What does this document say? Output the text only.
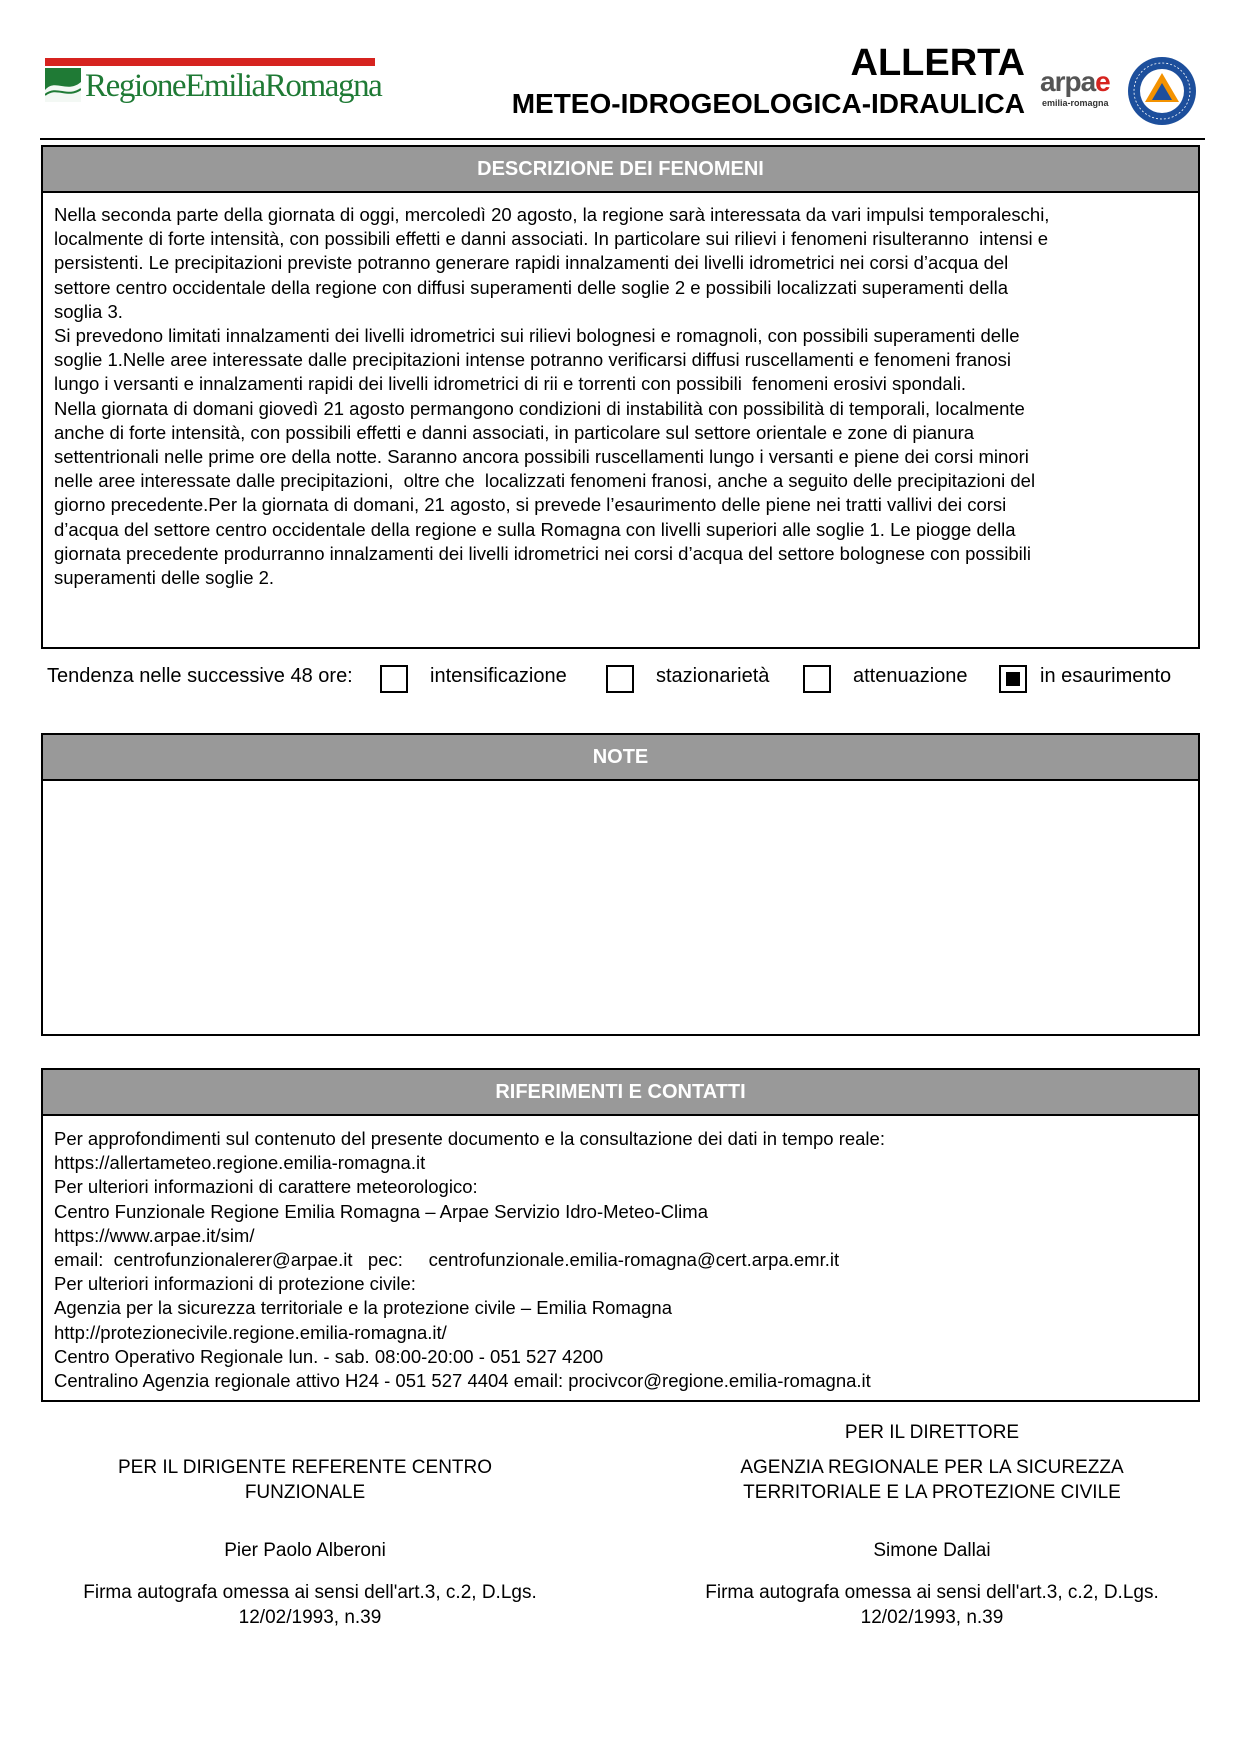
RegioneEmiliaRomagna
ALLERTA
METEO-IDROGEOLOGICA-IDRAULICA
arpae
emilia-romagna
DESCRIZIONE DEI FENOMENI
Nella seconda parte della giornata di oggi, mercoledì 20 agosto, la regione sarà interessata da vari impulsi temporaleschi,
localmente di forte intensità, con possibili effetti e danni associati. In particolare sui rilievi i fenomeni risulteranno  intensi e
persistenti. Le precipitazioni previste potranno generare rapidi innalzamenti dei livelli idrometrici nei corsi d’acqua del
settore centro occidentale della regione con diffusi superamenti delle soglie 2 e possibili localizzati superamenti della
soglia 3.
Si prevedono limitati innalzamenti dei livelli idrometrici sui rilievi bolognesi e romagnoli, con possibili superamenti delle
soglie 1.Nelle aree interessate dalle precipitazioni intense potranno verificarsi diffusi ruscellamenti e fenomeni franosi
lungo i versanti e innalzamenti rapidi dei livelli idrometrici di rii e torrenti con possibili  fenomeni erosivi spondali.
Nella giornata di domani giovedì 21 agosto permangono condizioni di instabilità con possibilità di temporali, localmente
anche di forte intensità, con possibili effetti e danni associati, in particolare sul settore orientale e zone di pianura
settentrionali nelle prime ore della notte. Saranno ancora possibili ruscellamenti lungo i versanti e piene dei corsi minori
nelle aree interessate dalle precipitazioni,  oltre che  localizzati fenomeni franosi, anche a seguito delle precipitazioni del
giorno precedente.Per la giornata di domani, 21 agosto, si prevede l’esaurimento delle piene nei tratti vallivi dei corsi
d’acqua del settore centro occidentale della regione e sulla Romagna con livelli superiori alle soglie 1. Le piogge della
giornata precedente produrranno innalzamenti dei livelli idrometrici nei corsi d’acqua del settore bolognese con possibili
superamenti delle soglie 2.
Tendenza nelle successive 48 ore:	intensificazione	stazionarietà	attenuazione	in esaurimento
NOTE
RIFERIMENTI E CONTATTI
Per approfondimenti sul contenuto del presente documento e la consultazione dei dati in tempo reale:
https://allertameteo.regione.emilia-romagna.it
Per ulteriori informazioni di carattere meteorologico:
Centro Funzionale Regione Emilia Romagna – Arpae Servizio Idro-Meteo-Clima
https://www.arpae.it/sim/
email:  centrofunzionalerer@arpae.it   pec:     centrofunzionale.emilia-romagna@cert.arpa.emr.it
Per ulteriori informazioni di protezione civile:
Agenzia per la sicurezza territoriale e la protezione civile – Emilia Romagna
http://protezionecivile.regione.emilia-romagna.it/
Centro Operativo Regionale lun. - sab. 08:00-20:00 - 051 527 4200
Centralino Agenzia regionale attivo H24 - 051 527 4404 email: procivcor@regione.emilia-romagna.it
PER IL DIRIGENTE REFERENTE CENTRO
FUNZIONALE
Pier Paolo Alberoni
Firma autografa omessa ai sensi dell'art.3, c.2, D.Lgs.
12/02/1993, n.39
PER IL DIRETTORE
AGENZIA REGIONALE PER LA SICUREZZA
TERRITORIALE E LA PROTEZIONE CIVILE
Simone Dallai
Firma autografa omessa ai sensi dell'art.3, c.2, D.Lgs.
12/02/1993, n.39
